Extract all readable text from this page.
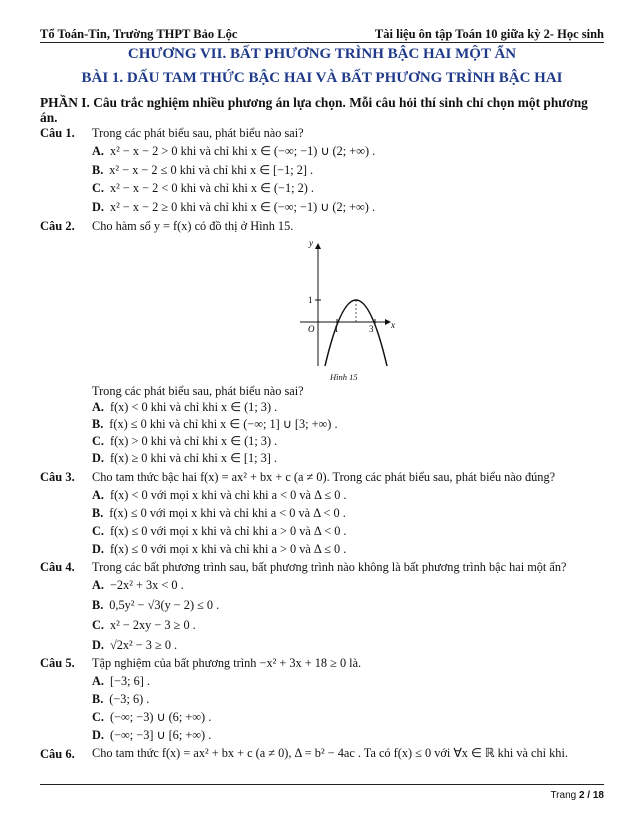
Tổ Toán-Tin, Trường THPT Bảo Lộc	Tài liệu ôn tập Toán 10 giữa kỳ 2- Học sinh
CHƯƠNG VII. BẤT PHƯƠNG TRÌNH BẬC HAI MỘT ẨN
BÀI 1. DẤU TAM THỨC BẬC HAI VÀ BẤT PHƯƠNG TRÌNH BẬC HAI
PHẦN I. Câu trắc nghiệm nhiều phương án lựa chọn. Mỗi câu hỏi thí sinh chỉ chọn một phương án.
Câu 1. Trong các phát biểu sau, phát biểu nào sai?
A. x² − x − 2 > 0 khi và chỉ khi x ∈ (−∞; −1) ∪ (2; +∞) .
B. x² − x − 2 ≤ 0 khi và chỉ khi x ∈ [−1; 2] .
C. x² − x − 2 < 0 khi và chỉ khi x ∈ (−1; 2) .
D. x² − x − 2 ≥ 0 khi và chỉ khi x ∈ (−∞; −1) ∪ (2; +∞) .
Câu 2. Cho hàm số y = f(x) có đồ thị ở Hình 15.
y
x
O
1
1	3
Hình 15
Trong các phát biểu sau, phát biểu nào sai?
A. f(x) < 0 khi và chỉ khi x ∈ (1; 3) .
B. f(x) ≤ 0 khi và chỉ khi x ∈ (−∞; 1] ∪ [3; +∞) .
C. f(x) > 0 khi và chỉ khi x ∈ (1; 3) .
D. f(x) ≥ 0 khi và chỉ khi x ∈ [1; 3] .
Câu 3. Cho tam thức bậc hai f(x) = ax² + bx + c (a ≠ 0). Trong các phát biểu sau, phát biểu nào đúng?
A. f(x) < 0 với mọi x khi và chỉ khi a < 0 và Δ ≤ 0 .
B. f(x) ≤ 0 với mọi x khi và chỉ khi a < 0 và Δ < 0 .
C. f(x) ≤ 0 với mọi x khi và chỉ khi a > 0 và Δ < 0 .
D. f(x) ≤ 0 với mọi x khi và chỉ khi a > 0 và Δ ≤ 0 .
Câu 4. Trong các bất phương trình sau, bất phương trình nào không là bất phương trình bậc hai một ẩn?
A. −2x² + 3x < 0 .
B. 0,5y² − √3(y − 2) ≤ 0 .
C. x² − 2xy − 3 ≥ 0 .
D. √2x² − 3 ≥ 0 .
Câu 5. Tập nghiệm của bất phương trình −x² + 3x + 18 ≥ 0 là.
A. [−3; 6] .
B. (−3; 6) .
C. (−∞; −3) ∪ (6; +∞) .
D. (−∞; −3] ∪ [6; +∞) .
Câu 6. Cho tam thức f(x) = ax² + bx + c (a ≠ 0), Δ = b² − 4ac . Ta có f(x) ≤ 0 với ∀x ∈ ℝ khi và chỉ khi.
Trang 2 / 18
